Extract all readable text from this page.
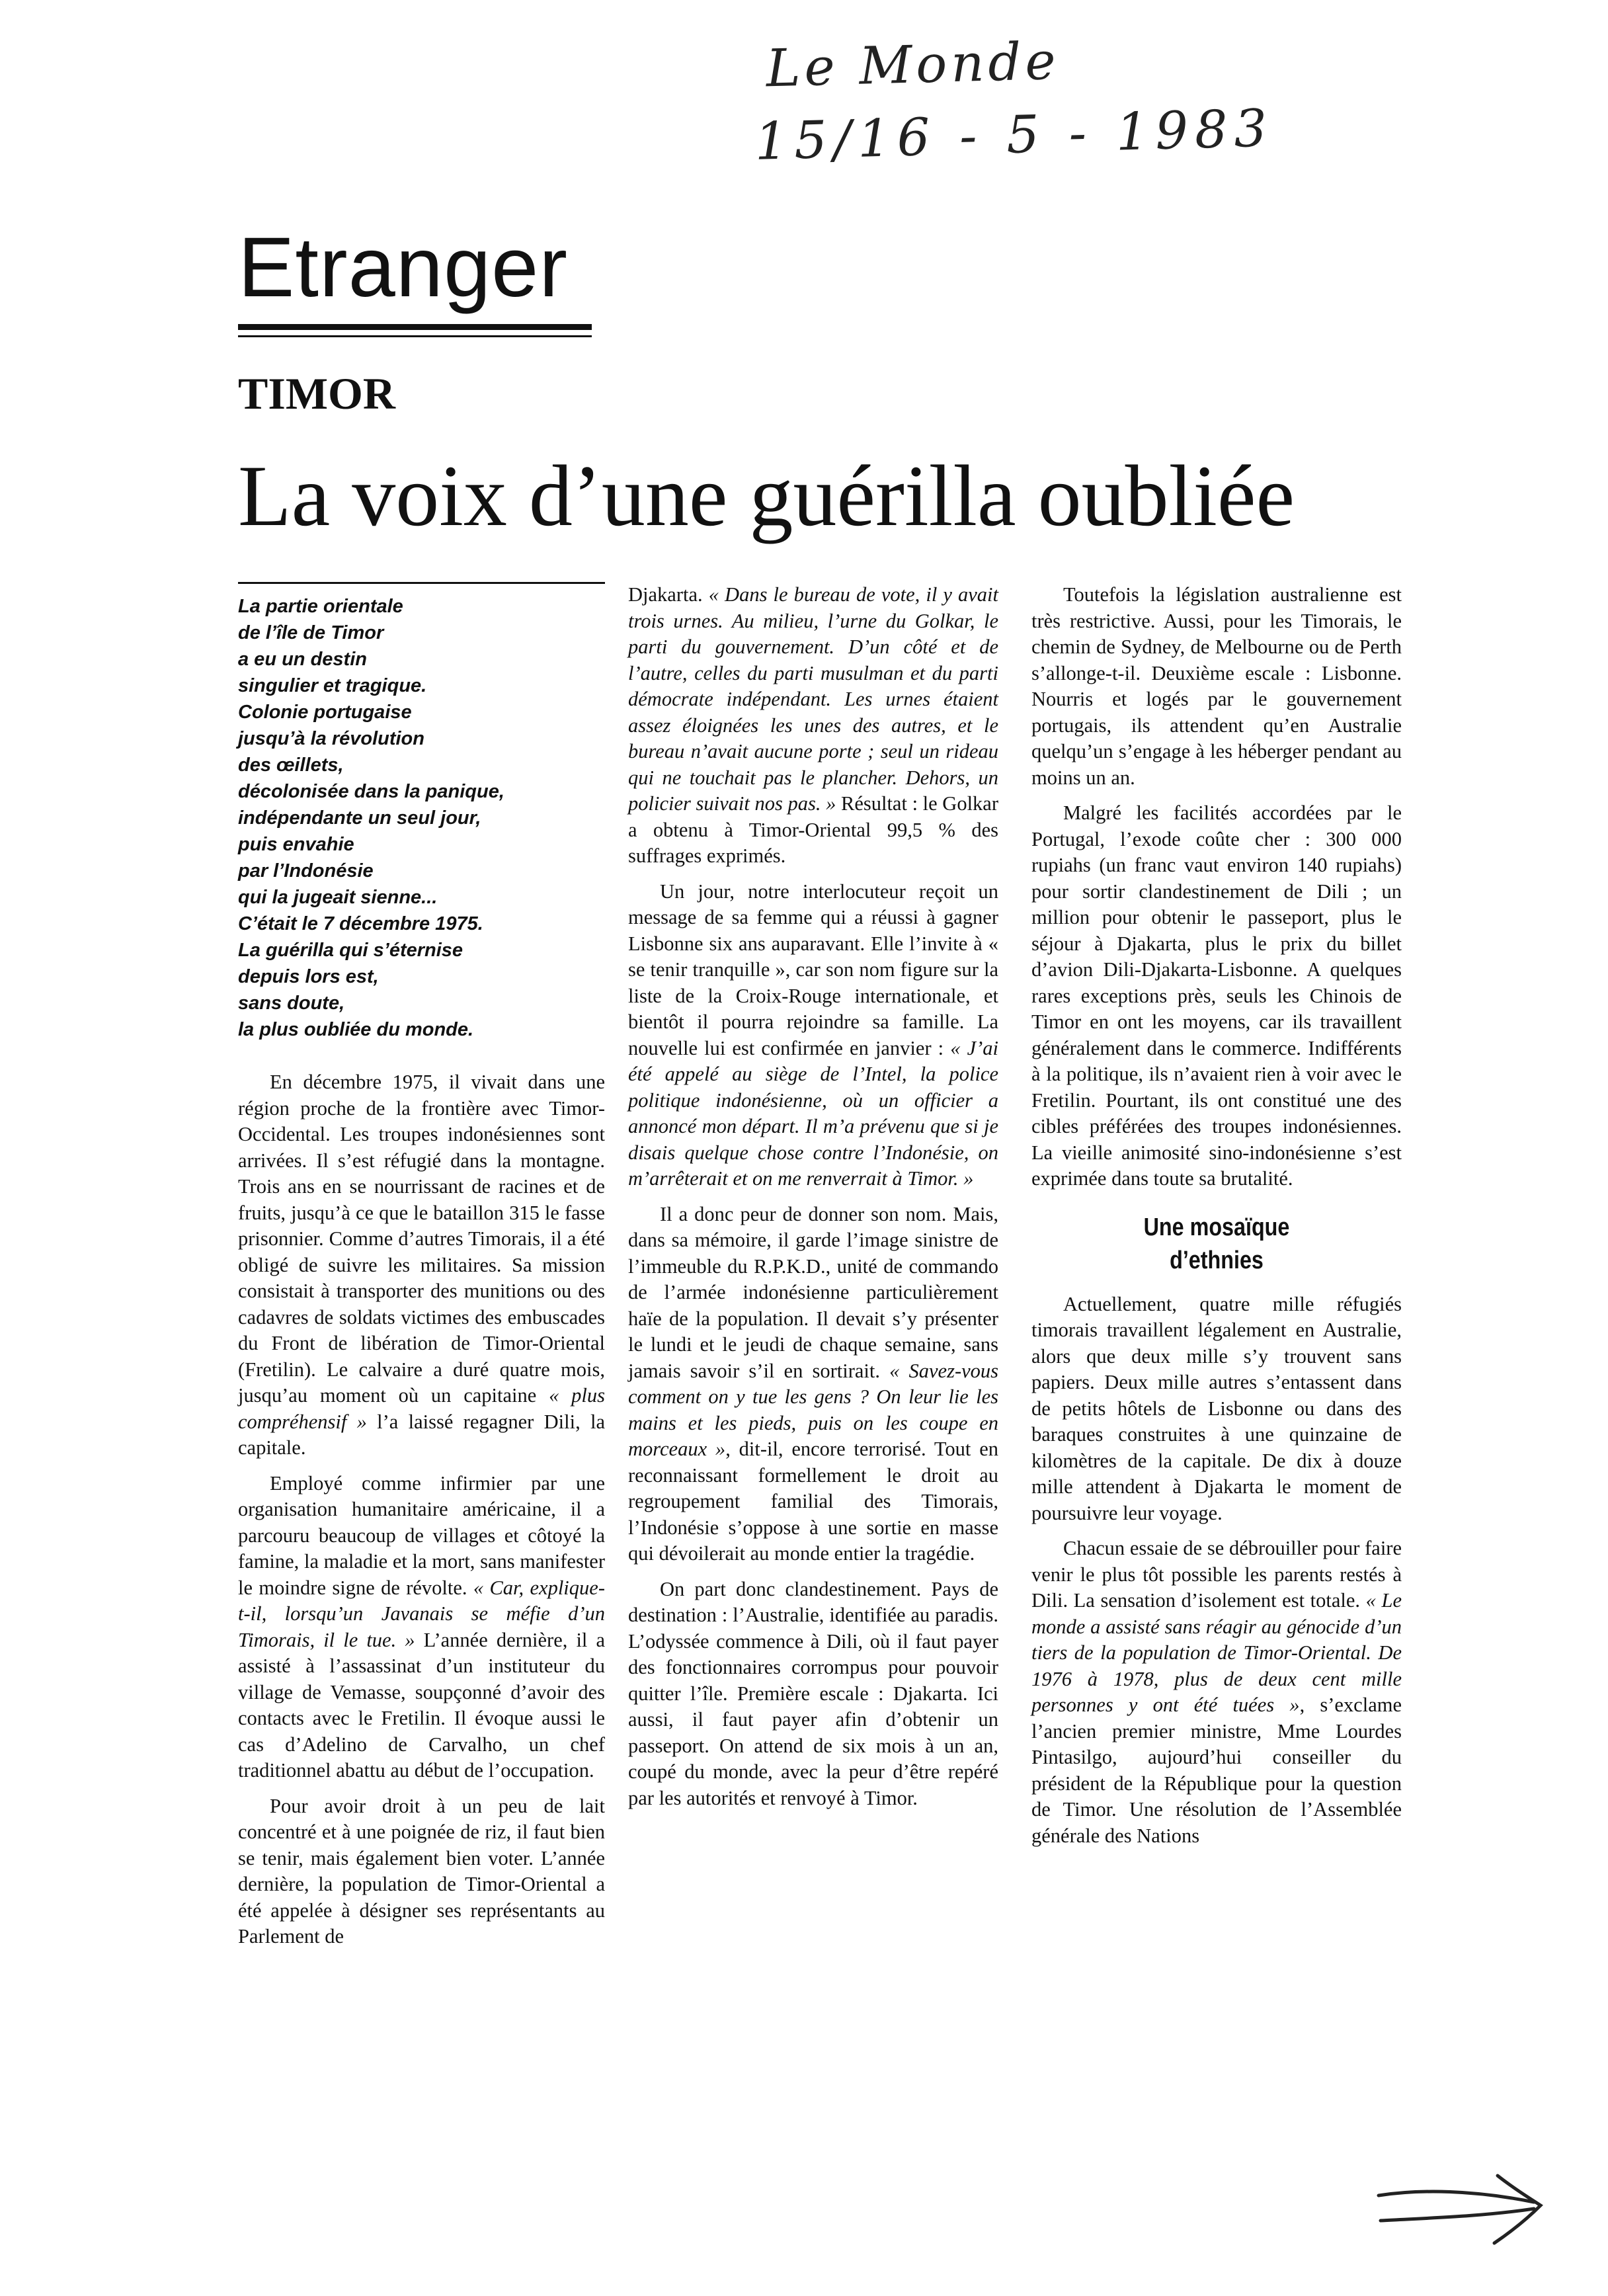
Le Monde
15/16 - 5 - 1983
Etranger
TIMOR
La voix d’une guérilla oubliée
La partie orientale
de l’île de Timor
a eu un destin
singulier et tragique.
Colonie portugaise
jusqu’à la révolution
des œillets,
décolonisée dans la panique,
indépendante un seul jour,
puis envahie
par l’Indonésie
qui la jugeait sienne...
C’était le 7 décembre 1975.
La guérilla qui s’éternise
depuis lors est,
sans doute,
la plus oubliée du monde.

En décembre 1975, il vivait dans une région proche de la frontière avec Timor-Occidental. Les troupes indonésiennes sont arrivées. Il s’est réfugié dans la montagne. Trois ans en se nourrissant de racines et de fruits, jusqu’à ce que le bataillon 315 le fasse prisonnier. Comme d’autres Timorais, il a été obligé de suivre les militaires. Sa mission consistait à transporter des munitions ou des cadavres de soldats victimes des embuscades du Front de libération de Timor-Oriental (Fretilin). Le calvaire a duré quatre mois, jusqu’au moment où un capitaine « plus compréhensif » l’a laissé regagner Dili, la capitale.

Employé comme infirmier par une organisation humanitaire américaine, il a parcouru beaucoup de villages et côtoyé la famine, la maladie et la mort, sans manifester le moindre signe de révolte. « Car, explique-t-il, lorsqu’un Javanais se méfie d’un Timorais, il le tue. » L’année dernière, il a assisté à l’assassinat d’un instituteur du village de Vemasse, soupçonné d’avoir des contacts avec le Fretilin. Il évoque aussi le cas d’Adelino de Carvalho, un chef traditionnel abattu au début de l’occupation.

Pour avoir droit à un peu de lait concentré et à une poignée de riz, il faut bien se tenir, mais également bien voter. L’année dernière, la population de Timor-Oriental a été appelée à désigner ses représentants au Parlement de

Djakarta. « Dans le bureau de vote, il y avait trois urnes. Au milieu, l’urne du Golkar, le parti du gouvernement. D’un côté et de l’autre, celles du parti musulman et du parti démocrate indépendant. Les urnes étaient assez éloignées les unes des autres, et le bureau n’avait aucune porte ; seul un rideau qui ne touchait pas le plancher. Dehors, un policier suivait nos pas. » Résultat : le Golkar a obtenu à Timor-Oriental 99,5 % des suffrages exprimés.

Un jour, notre interlocuteur reçoit un message de sa femme qui a réussi à gagner Lisbonne six ans auparavant. Elle l’invite à « se tenir tranquille », car son nom figure sur la liste de la Croix-Rouge internationale, et bientôt il pourra rejoindre sa famille. La nouvelle lui est confirmée en janvier : « J’ai été appelé au siège de l’Intel, la police politique indonésienne, où un officier a annoncé mon départ. Il m’a prévenu que si je disais quelque chose contre l’Indonésie, on m’arrêterait et on me renverrait à Timor. »

Il a donc peur de donner son nom. Mais, dans sa mémoire, il garde l’image sinistre de l’immeuble du R.P.K.D., unité de commando de l’armée indonésienne particulièrement haïe de la population. Il devait s’y présenter le lundi et le jeudi de chaque semaine, sans jamais savoir s’il en sortirait. « Savez-vous comment on y tue les gens ? On leur lie les mains et les pieds, puis on les coupe en morceaux », dit-il, encore terrorisé. Tout en reconnaissant formellement le droit au regroupement familial des Timorais, l’Indonésie s’oppose à une sortie en masse qui dévoilerait au monde entier la tragédie.

On part donc clandestinement. Pays de destination : l’Australie, identifiée au paradis. L’odyssée commence à Dili, où il faut payer des fonctionnaires corrompus pour pouvoir quitter l’île. Première escale : Djakarta. Ici aussi, il faut payer afin d’obtenir un passeport. On attend de six mois à un an, coupé du monde, avec la peur d’être repéré par les autorités et renvoyé à Timor.

Toutefois la législation australienne est très restrictive. Aussi, pour les Timorais, le chemin de Sydney, de Melbourne ou de Perth s’allonge-t-il. Deuxième escale : Lisbonne. Nourris et logés par le gouvernement portugais, ils attendent qu’en Australie quelqu’un s’engage à les héberger pendant au moins un an.

Malgré les facilités accordées par le Portugal, l’exode coûte cher : 300 000 rupiahs (un franc vaut environ 140 rupiahs) pour sortir clandestinement de Dili ; un million pour obtenir le passeport, plus le séjour à Djakarta, plus le prix du billet d’avion Dili-Djakarta-Lisbonne. A quelques rares exceptions près, seuls les Chinois de Timor en ont les moyens, car ils travaillent généralement dans le commerce. Indifférents à la politique, ils n’avaient rien à voir avec le Fretilin. Pourtant, ils ont constitué une des cibles préférées des troupes indonésiennes. La vieille animosité sino-indonésienne s’est exprimée dans toute sa brutalité.

Une mosaïque
d’ethnies

Actuellement, quatre mille réfugiés timorais travaillent légalement en Australie, alors que deux mille s’y trouvent sans papiers. Deux mille autres s’entassent dans de petits hôtels de Lisbonne ou dans des baraques construites à une quinzaine de kilomètres de la capitale. De dix à douze mille attendent à Djakarta le moment de poursuivre leur voyage.

Chacun essaie de se débrouiller pour faire venir le plus tôt possible les parents restés à Dili. La sensation d’isolement est totale. « Le monde a assisté sans réagir au génocide d’un tiers de la population de Timor-Oriental. De 1976 à 1978, plus de deux cent mille personnes y ont été tuées », s’exclame l’ancien premier ministre, Mme Lourdes Pintasilgo, aujourd’hui conseiller du président de la République pour la question de Timor. Une résolution de l’Assemblée générale des Nations
